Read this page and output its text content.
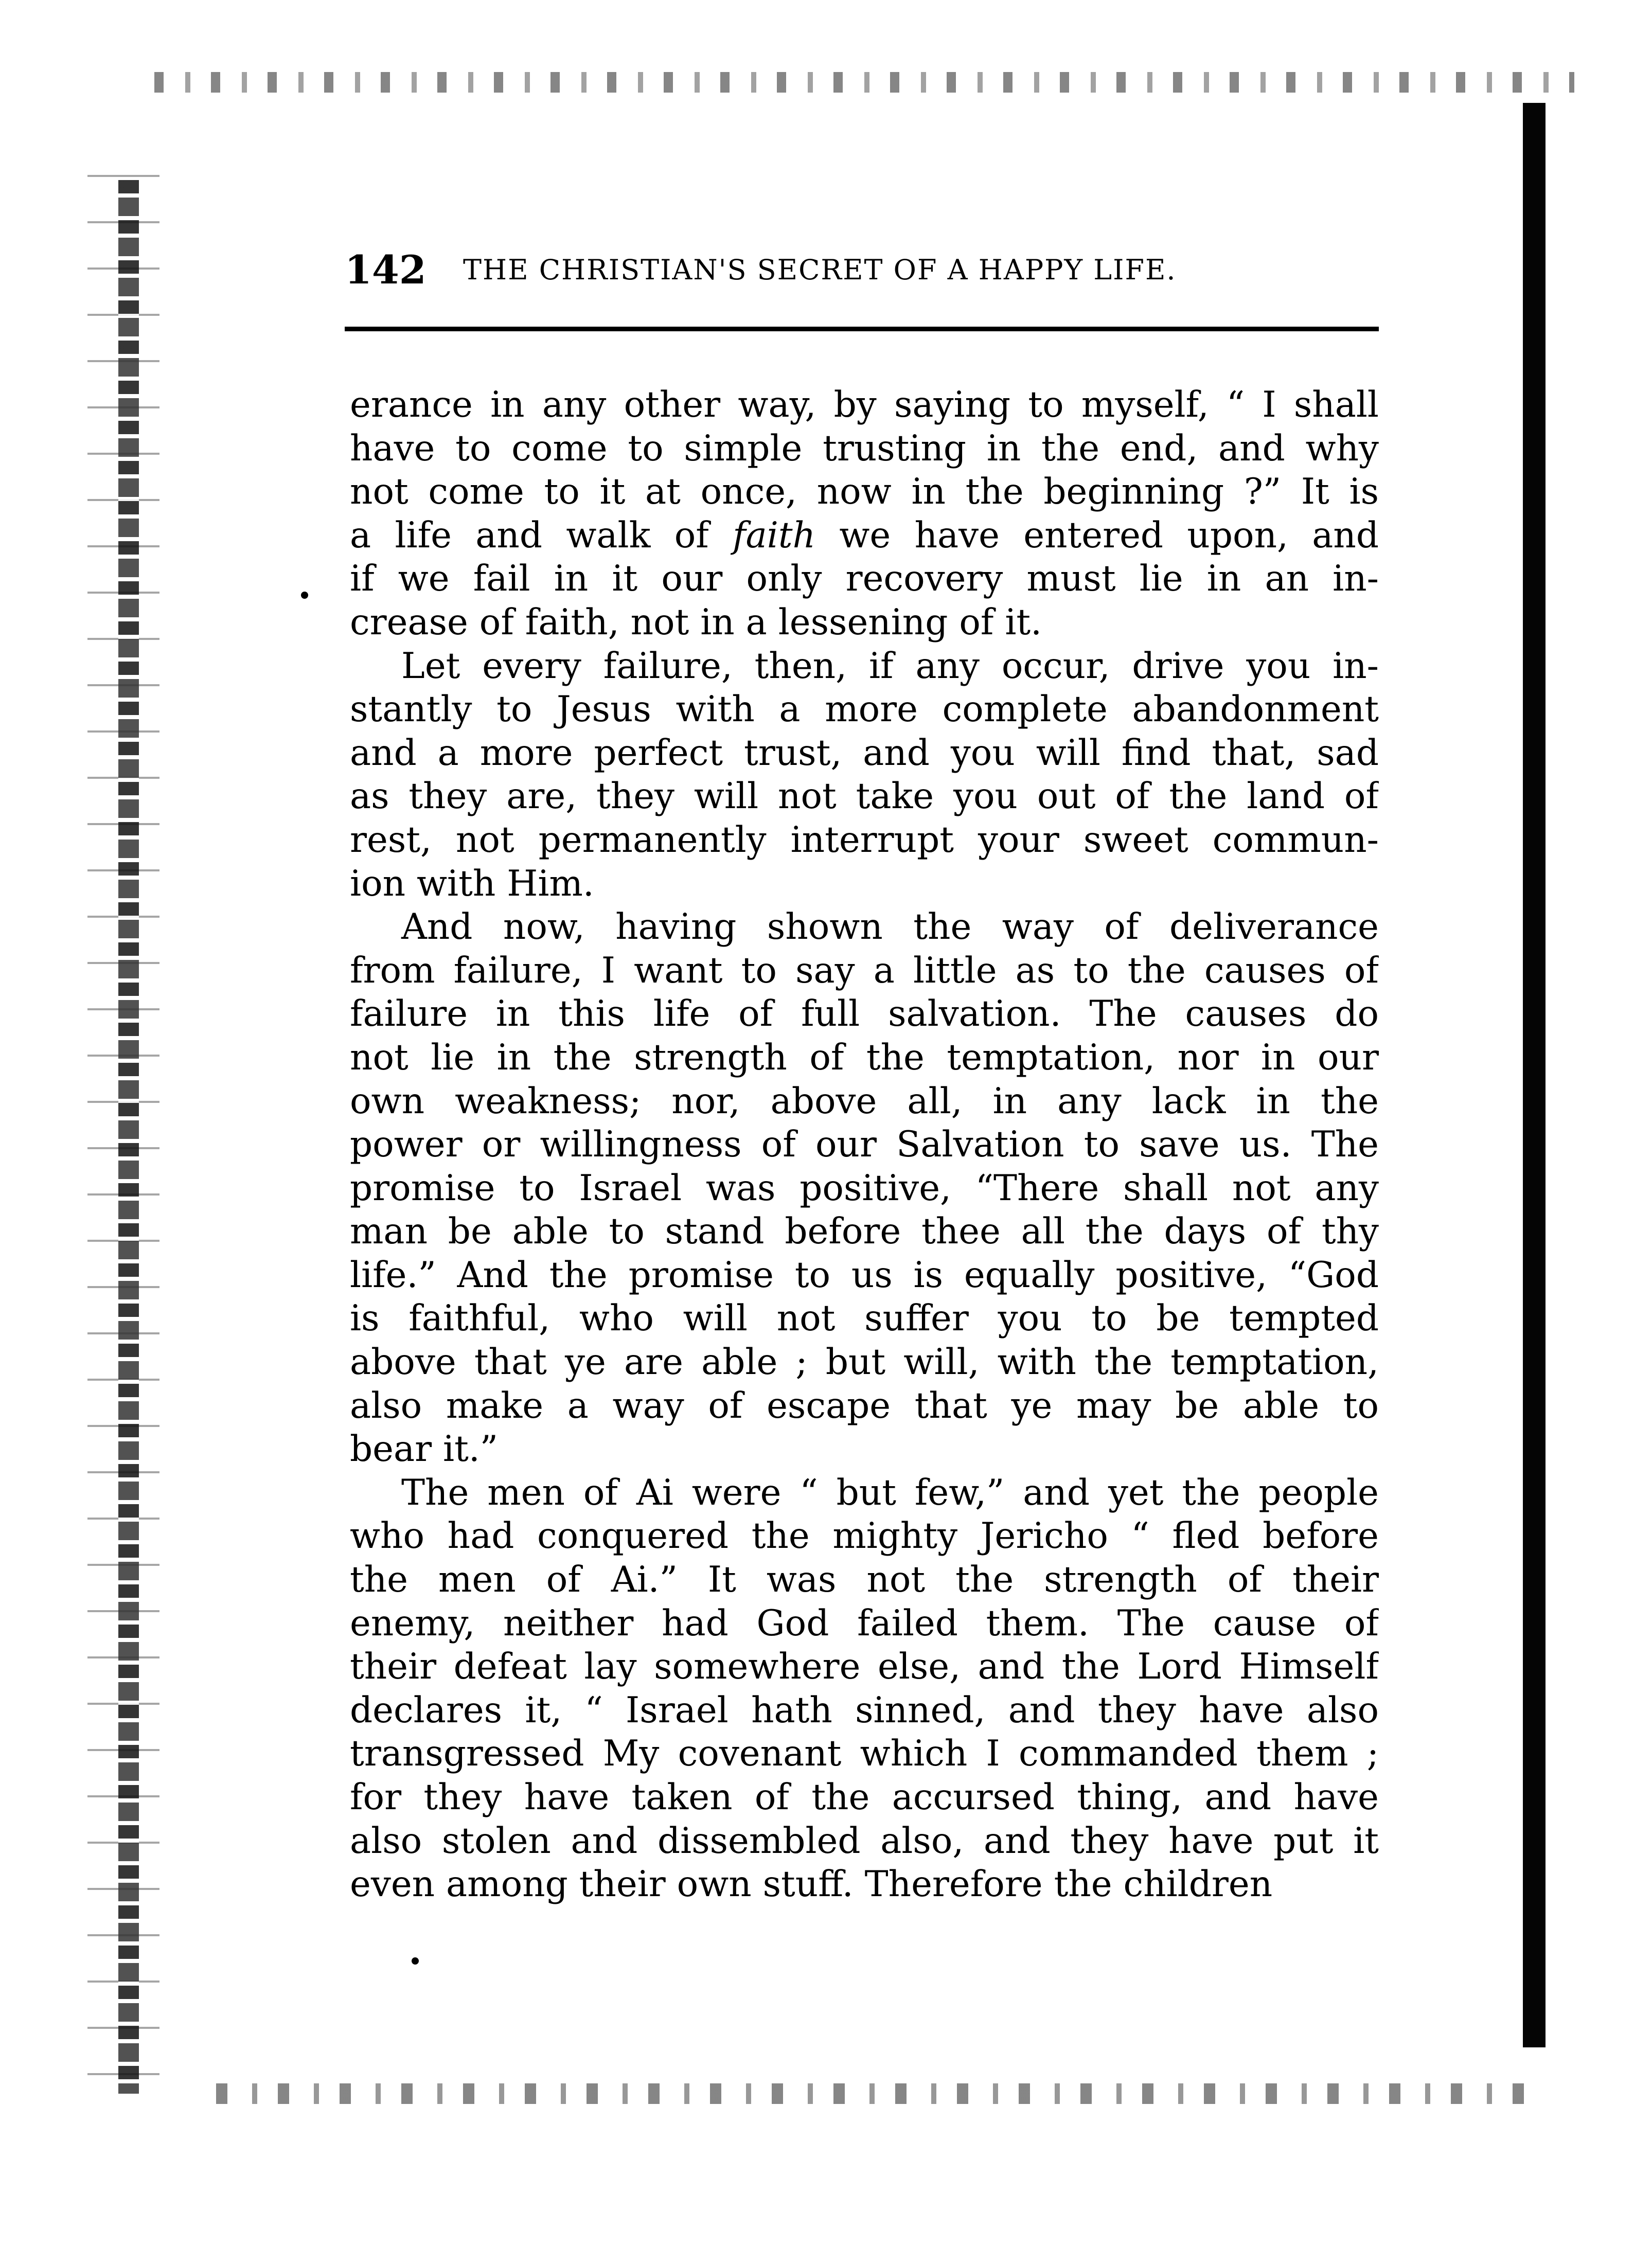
142 THE CHRISTIAN'S SECRET OF A HAPPY LIFE.
erance in any other way, by saying to myself, “ I shall
have to come to simple trusting in the end, and why
not come to it at once, now in the beginning ?” It is
a life and walk of faith we have entered upon, and
if we fail in it our only recovery must lie in an in-
crease of faith, not in a lessening of it.
Let every failure, then, if any occur, drive you in-
stantly to Jesus with a more complete abandonment
and a more perfect trust, and you will find that, sad
as they are, they will not take you out of the land of
rest, not permanently interrupt your sweet commun-
ion with Him.
And now, having shown the way of deliverance
from failure, I want to say a little as to the causes of
failure in this life of full salvation. The causes do
not lie in the strength of the temptation, nor in our
own weakness; nor, above all, in any lack in the
power or willingness of our Salvation to save us. The
promise to Israel was positive, “There shall not any
man be able to stand before thee all the days of thy
life.” And the promise to us is equally positive, “God
is faithful, who will not suffer you to be tempted
above that ye are able ; but will, with the temptation,
also make a way of escape that ye may be able to
bear it.”
The men of Ai were “ but few,” and yet the people
who had conquered the mighty Jericho “ fled before
the men of Ai.” It was not the strength of their
enemy, neither had God failed them. The cause of
their defeat lay somewhere else, and the Lord Himself
declares it, “ Israel hath sinned, and they have also
transgressed My covenant which I commanded them ;
for they have taken of the accursed thing, and have
also stolen and dissembled also, and they have put it
even among their own stuff. Therefore the children
